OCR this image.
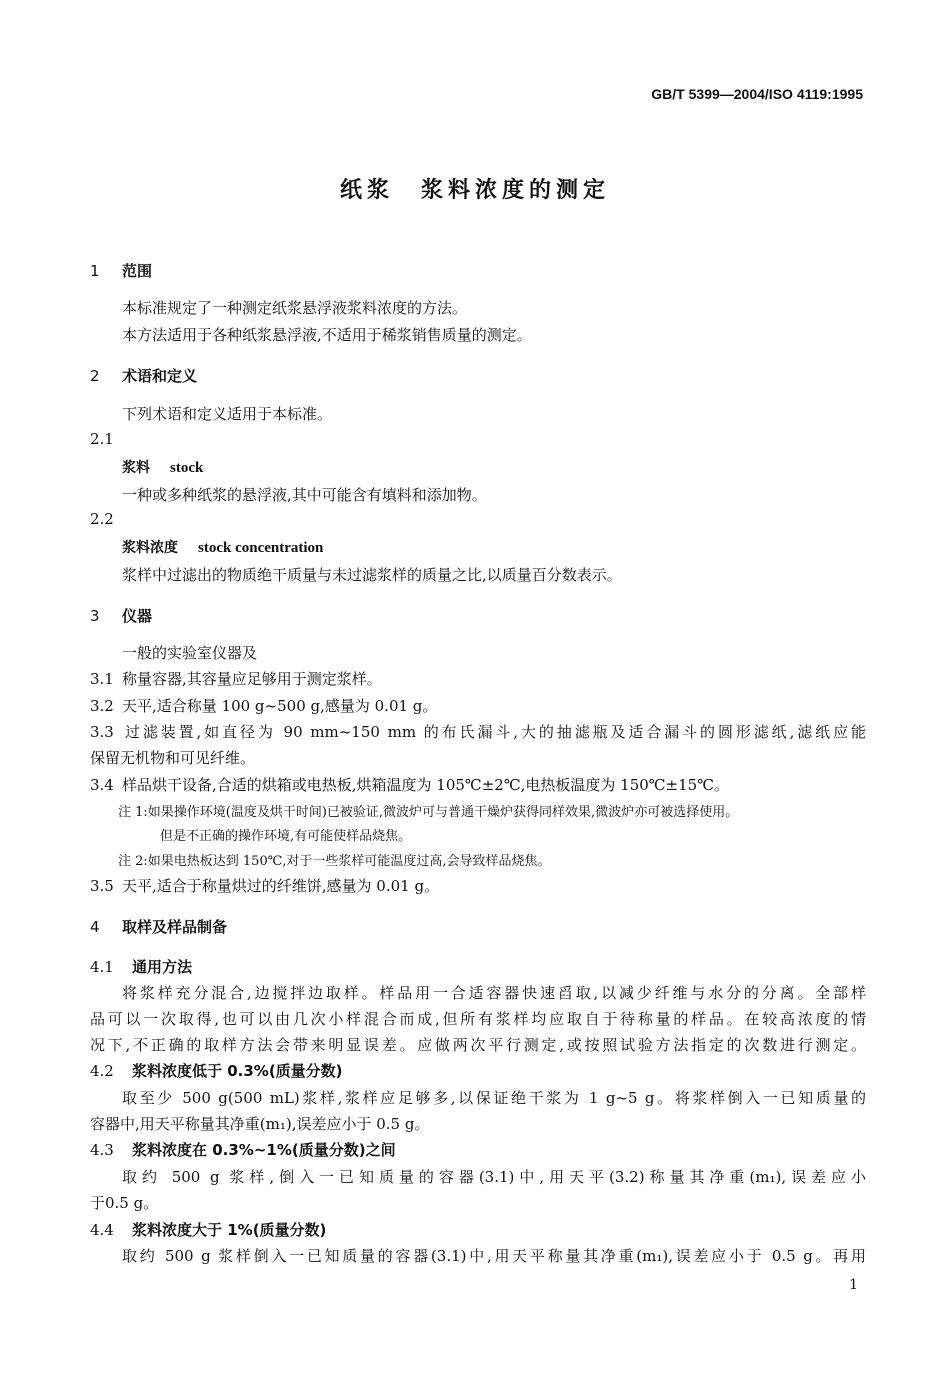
GB/T 5399—2004/ISO 4119:1995
纸浆　浆料浓度的测定
1 范围
本标准规定了一种测定纸浆悬浮液浆料浓度的方法。
本方法适用于各种纸浆悬浮液,不适用于稀浆销售质量的测定。
2 术语和定义
下列术语和定义适用于本标准。
2.1
浆料 stock
一种或多种纸浆的悬浮液,其中可能含有填料和添加物。
2.2
浆料浓度 stock concentration
浆样中过滤出的物质绝干质量与未过滤浆样的质量之比,以质量百分数表示。
3 仪器
一般的实验室仪器及
3.1 称量容器,其容量应足够用于测定浆样。
3.2 天平,适合称量 100 g~500 g,感量为 0.01 g。
3.3 过滤装置,如直径为 90 mm~150 mm 的布氏漏斗,大的抽滤瓶及适合漏斗的圆形滤纸,滤纸应能
保留无机物和可见纤维。
3.4 样品烘干设备,合适的烘箱或电热板,烘箱温度为 105℃±2℃,电热板温度为 150℃±15℃。
注 1:如果操作环境(温度及烘干时间)已被验证,微波炉可与普通干燥炉获得同样效果,微波炉亦可被选择使用。
但是不正确的操作环境,有可能使样品烧焦。
注 2:如果电热板达到 150℃,对于一些浆样可能温度过高,会导致样品烧焦。
3.5 天平,适合于称量烘过的纤维饼,感量为 0.01 g。
4 取样及样品制备
4.1 通用方法
将浆样充分混合,边搅拌边取样。样品用一合适容器快速舀取,以减少纤维与水分的分离。全部样
品可以一次取得,也可以由几次小样混合而成,但所有浆样均应取自于待称量的样品。在较高浓度的情
况下,不正确的取样方法会带来明显误差。应做两次平行测定,或按照试验方法指定的次数进行测定。
4.2 浆料浓度低于 0.3%(质量分数)
取至少 500 g(500 mL)浆样,浆样应足够多,以保证绝干浆为 1 g~5 g。将浆样倒入一已知质量的
容器中,用天平称量其净重(m₁),误差应小于 0.5 g。
4.3 浆料浓度在 0.3%~1%(质量分数)之间
取约 500 g 浆样,倒入一已知质量的容器(3.1)中,用天平(3.2)称量其净重(m₁),误差应小
于0.5 g。
4.4 浆料浓度大于 1%(质量分数)
取约 500 g 浆样倒入一已知质量的容器(3.1)中,用天平称量其净重(m₁),误差应小于 0.5 g。再用
1
